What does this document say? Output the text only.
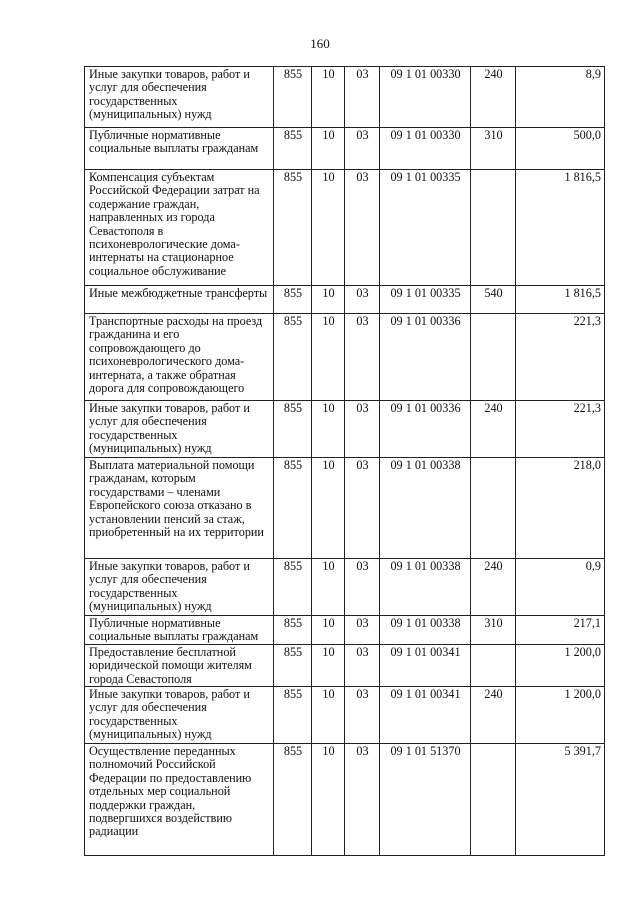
160
Иные закупки товаров, работ и услуг для обеспечения государственных (муниципальных) нужд	855	10	03	09 1 01 00330	240	8,9
Публичные нормативные социальные выплаты гражданам	855	10	03	09 1 01 00330	310	500,0
Компенсация субъектам Российской Федерации затрат на содержание граждан, направленных из города Севастополя в психоневрологические дома-интернаты на стационарное социальное обслуживание	855	10	03	09 1 01 00335		1 816,5
Иные межбюджетные трансферты	855	10	03	09 1 01 00335	540	1 816,5
Транспортные расходы на проезд гражданина и его сопровождающего до психоневрологического дома-интерната, а также обратная дорога для сопровождающего	855	10	03	09 1 01 00336		221,3
Иные закупки товаров, работ и услуг для обеспечения государственных (муниципальных) нужд	855	10	03	09 1 01 00336	240	221,3
Выплата материальной помощи гражданам, которым государствами – членами Европейского союза отказано в установлении пенсий за стаж, приобретенный на их территории	855	10	03	09 1 01 00338		218,0
Иные закупки товаров, работ и услуг для обеспечения государственных (муниципальных) нужд	855	10	03	09 1 01 00338	240	0,9
Публичные нормативные социальные выплаты гражданам	855	10	03	09 1 01 00338	310	217,1
Предоставление бесплатной юридической помощи жителям города Севастополя	855	10	03	09 1 01 00341		1 200,0
Иные закупки товаров, работ и услуг для обеспечения государственных (муниципальных) нужд	855	10	03	09 1 01 00341	240	1 200,0
Осуществление переданных полномочий Российской Федерации по предоставлению отдельных мер социальной поддержки граждан, подвергшихся воздействию радиации	855	10	03	09 1 01 51370		5 391,7
